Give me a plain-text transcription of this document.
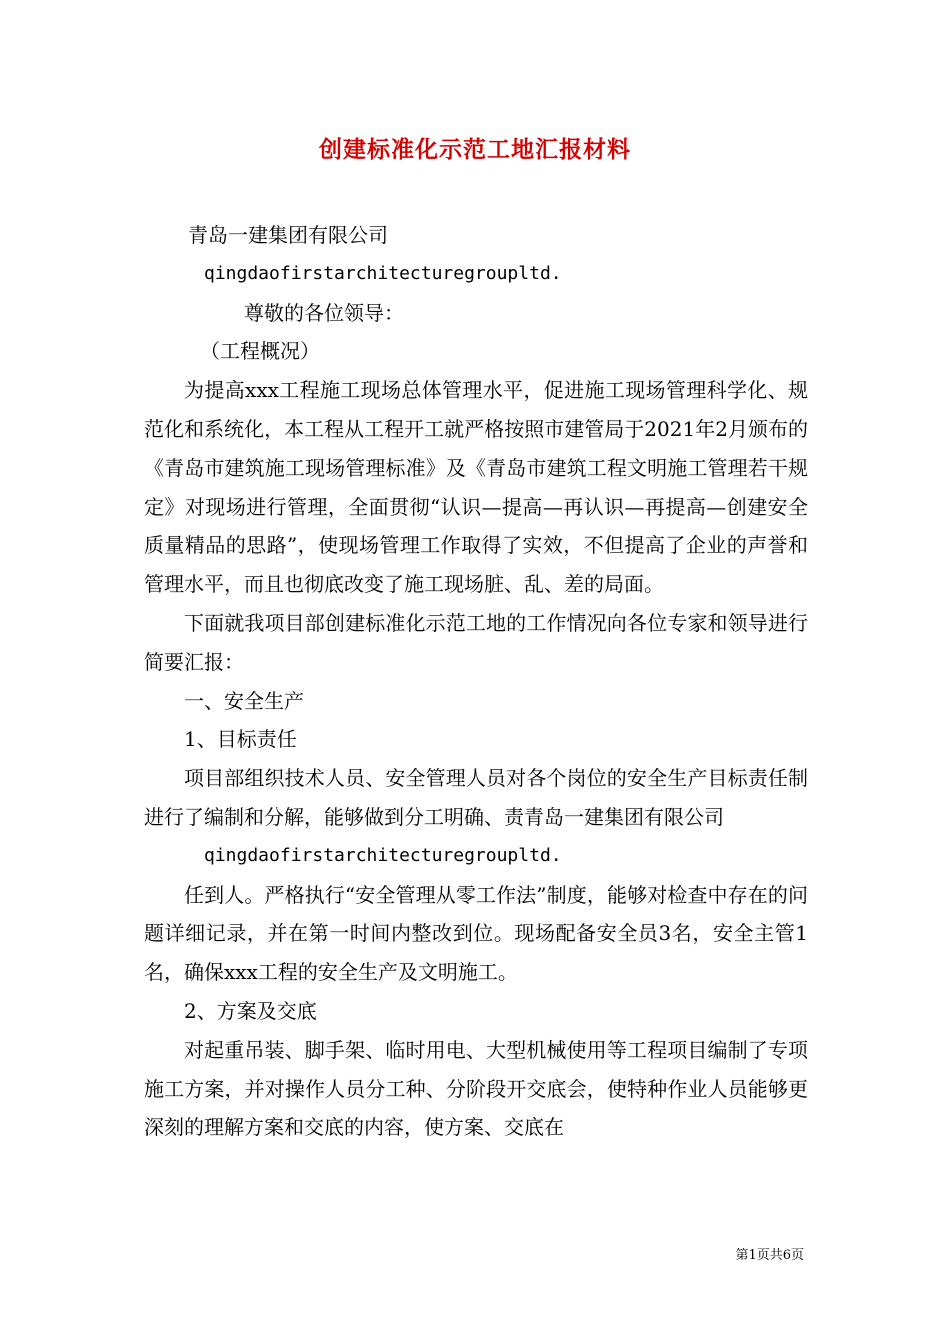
创建标准化示范工地汇报材料

青岛一建集团有限公司

qingdaofirstarchitecturegroupltd.

尊敬的各位领导：

（工程概况）

为提高xxx工程施工现场总体管理水平，促进施工现场管理科学化、规范化和系统化，本工程从工程开工就严格按照市建管局于2021年2月颁布的《青岛市建筑施工现场管理标准》及《青岛市建筑工程文明施工管理若干规定》对现场进行管理，全面贯彻“认识—提高—再认识—再提高—创建安全质量精品的思路”，使现场管理工作取得了实效，不但提高了企业的声誉和管理水平，而且也彻底改变了施工现场脏、乱、差的局面。

下面就我项目部创建标准化示范工地的工作情况向各位专家和领导进行简要汇报：

一、安全生产

1、目标责任

项目部组织技术人员、安全管理人员对各个岗位的安全生产目标责任制进行了编制和分解，能够做到分工明确、责青岛一建集团有限公司

qingdaofirstarchitecturegroupltd.

任到人。严格执行“安全管理从零工作法”制度，能够对检查中存在的问题详细记录，并在第一时间内整改到位。现场配备安全员3名，安全主管1名，确保xxx工程的安全生产及文明施工。

2、方案及交底

对起重吊装、脚手架、临时用电、大型机械使用等工程项目编制了专项施工方案，并对操作人员分工种、分阶段开交底会，使特种作业人员能够更深刻的理解方案和交底的内容，使方案、交底在

第1页共6页
